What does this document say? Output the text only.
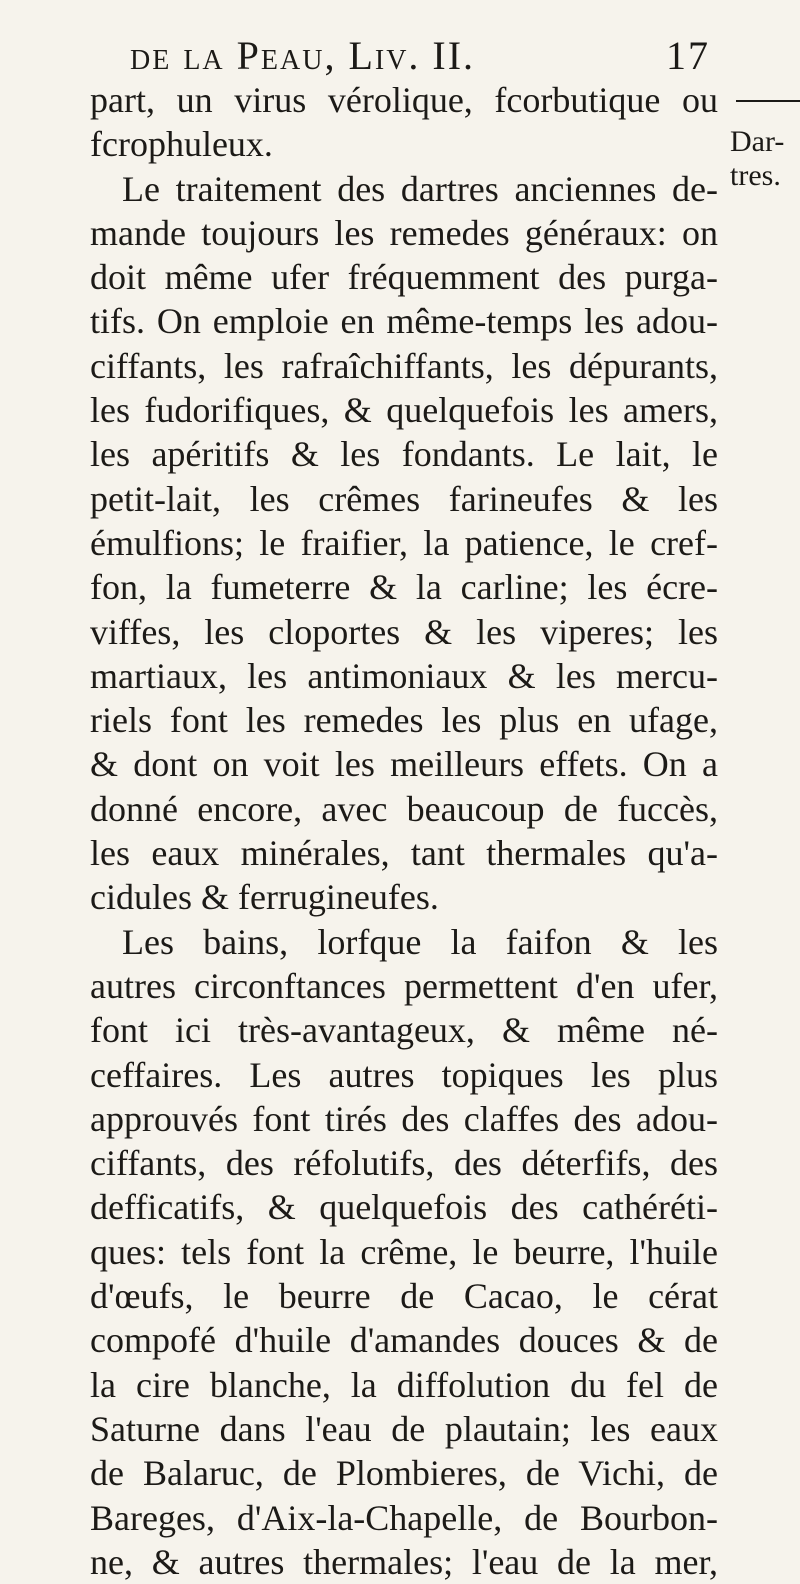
de la Peau, Liv. II.	17
Dar-
tres.
part, un virus vérolique, fcorbutique ou
fcrophuleux.
Le traitement des dartres anciennes de-
mande toujours les remedes généraux: on
doit même ufer fréquemment des purga-
tifs. On emploie en même-temps les adou-
ciffants, les rafraîchiffants, les dépurants,
les fudorifiques, & quelquefois les amers,
les apéritifs & les fondants. Le lait, le
petit-lait, les crêmes farineufes & les
émulfions; le fraifier, la patience, le cref-
fon, la fumeterre & la carline; les écre-
viffes, les cloportes & les viperes; les
martiaux, les antimoniaux & les mercu-
riels font les remedes les plus en ufage,
& dont on voit les meilleurs effets. On a
donné encore, avec beaucoup de fuccès,
les eaux minérales, tant thermales qu'a-
cidules & ferrugineufes.
Les bains, lorfque la faifon & les
autres circonftances permettent d'en ufer,
font ici très-avantageux, & même né-
ceffaires. Les autres topiques les plus
approuvés font tirés des claffes des adou-
ciffants, des réfolutifs, des déterfifs, des
defficatifs, & quelquefois des cathéréti-
ques: tels font la crême, le beurre, l'huile
d'œufs, le beurre de Cacao, le cérat
compofé d'huile d'amandes douces & de
la cire blanche, la diffolution du fel de
Saturne dans l'eau de plautain; les eaux
de Balaruc, de Plombieres, de Vichi, de
Bareges, d'Aix-la-Chapelle, de Bourbon-
ne, & autres thermales; l'eau de la mer,
